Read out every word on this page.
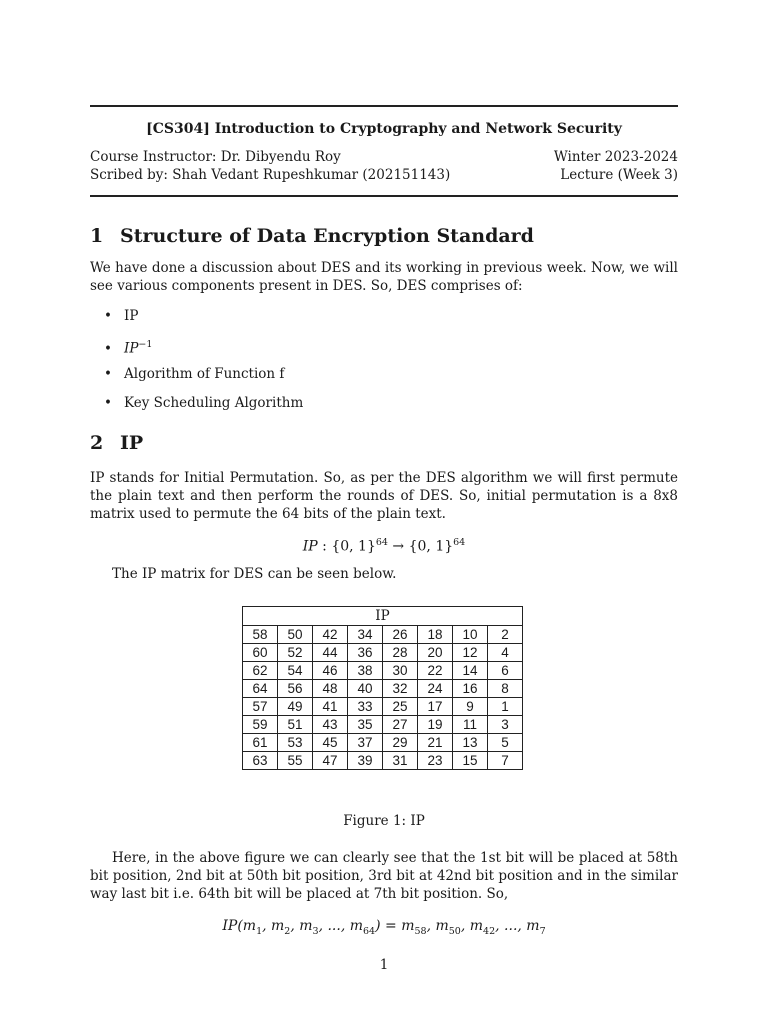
[CS304] Introduction to Cryptography and Network Security
Course Instructor: Dr. Dibyendu Roy
Scribed by: Shah Vedant Rupeshkumar (202151143)
Winter 2023-2024
Lecture (Week 3)
1 Structure of Data Encryption Standard

We have done a discussion about DES and its working in previous week. Now, we will see various components present in DES. So, DES comprises of:

• IP
• $IP^{-1}$
• Algorithm of Function f
• Key Scheduling Algorithm
2 IP

IP stands for Initial Permutation. So, as per the DES algorithm we will first permute the plain text and then perform the rounds of DES. So, initial permutation is a 8x8 matrix used to permute the 64 bits of the plain text.

IP : {0, 1}$^{64}$ → {0, 1}$^{64}$

The IP matrix for DES can be seen below.

IP							
58	50	42	34	26	18	10	2
60	52	44	36	28	20	12	4
62	54	46	38	30	22	14	6
64	56	48	40	32	24	16	8
57	49	41	33	25	17	9	1
59	51	43	35	27	19	11	3
61	53	45	37	29	21	13	5
63	55	47	39	31	23	15	7
Figure 1: IP

Here, in the above figure we can clearly see that the 1st bit will be placed at 58th bit position, 2nd bit at 50th bit position, 3rd bit at 42nd bit position and in the similar way last bit i.e. 64th bit will be placed at 7th bit position. So,

$IP(m_1$, $m_2$, $m_3$, ..., $m_{64}) = m_{58}$, $m_{50}$, $m_{42}$, ..., $m_7$
1
